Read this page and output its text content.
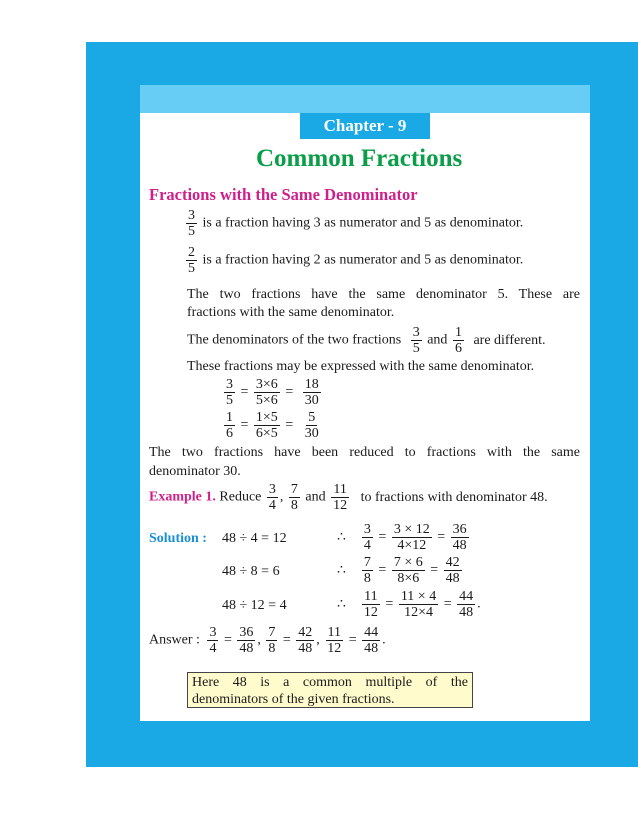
Chapter - 9
Common Fractions
Fractions with the Same Denominator
$\frac{3}{5}$ is a fraction having 3 as numerator and 5 as denominator.
$\frac{2}{5}$ is a fraction having 2 as numerator and 5 as denominator.
The two fractions have the same denominator 5. These are
fractions with the same denominator.
The denominators of the two fractions $\frac{3}{5}$ and $\frac{1}{6}$ are different.
These fractions may be expressed with the same denominator.
$\frac{3}{5} = \frac{3\times 6}{5\times 6} = \frac{18}{30}$
$\frac{1}{6} = \frac{1\times 5}{6\times 5} = \frac{5}{30}$
The two fractions have been reduced to fractions with the same
denominator 30.
Example 1. Reduce $\frac{3}{4}$ , $\frac{7}{8}$ and $\frac{11}{12}$ to fractions with denominator 48.
Solution : 48 ÷ 4 = 12	∴ $\frac{3}{4} = \frac{3 \times 12}{4\times 12} = \frac{36}{48}$
48 ÷ 8 = 6	∴ $\frac{7}{8} = \frac{7 \times 6}{8\times 6} = \frac{42}{48}$
48 ÷ 12 = 4	∴ $\frac{11}{12} = \frac{11 \times 4}{12\times 4} = \frac{44}{48}$ .
Answer : $\frac{3}{4} = \frac{36}{48}$ , $\frac{7}{8} = \frac{42}{48}$ , $\frac{11}{12} = \frac{44}{48}$ .
Here 48 is a common multiple of the
denominators of the given fractions.
